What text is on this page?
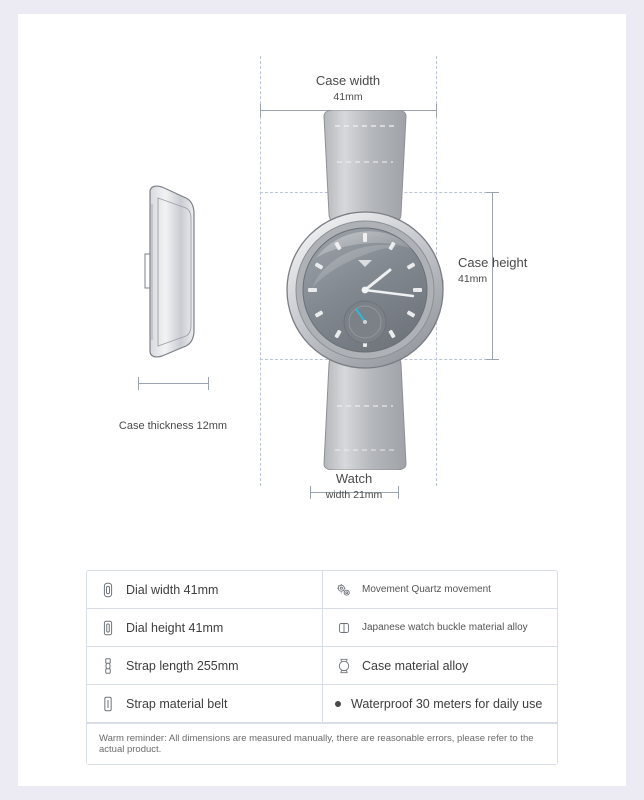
Case width
41mm
Case height
41mm
Watch
width 21mm
Case thickness 12mm
Dial width 41mm	Movement Quartz movement
Dial height 41mm	Japanese watch buckle material alloy
Strap length 255mm	Case material alloy
Strap material belt	Waterproof 30 meters for daily use
Warm reminder: All dimensions are measured manually, there are reasonable errors, please refer to the actual product.
